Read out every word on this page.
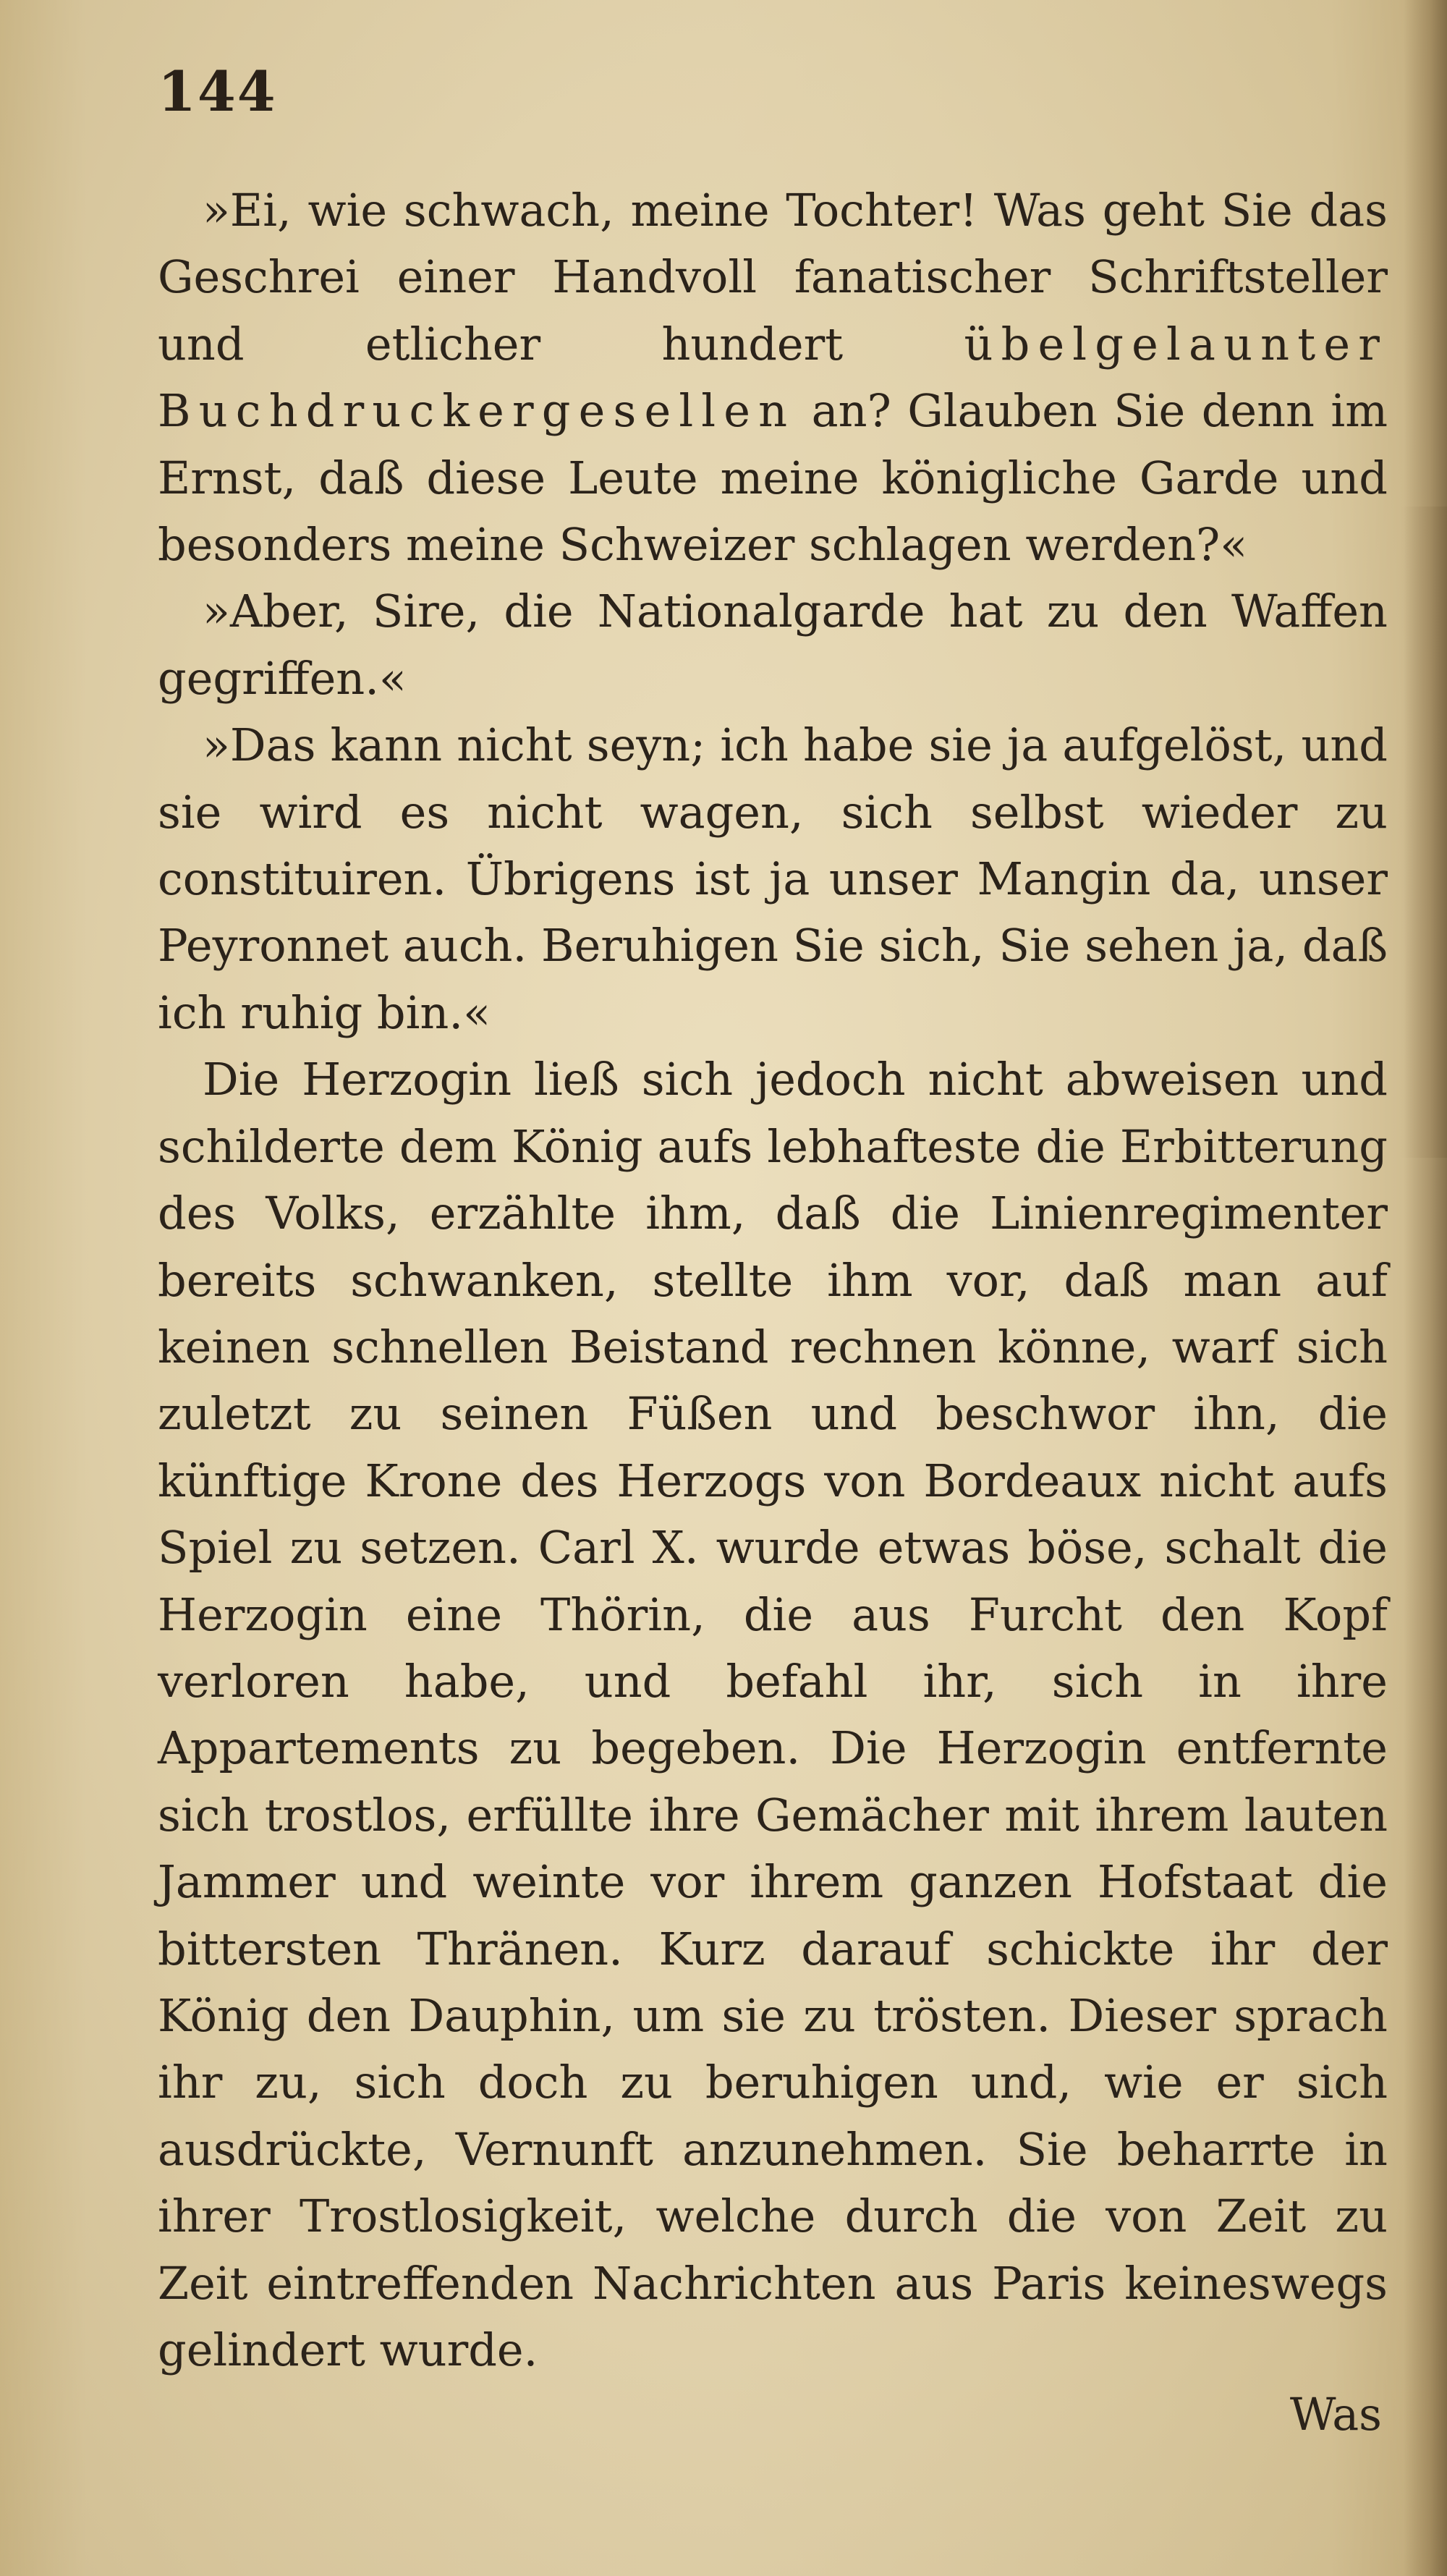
144

»Ei, wie schwach, meine Tochter! Was geht Sie das Geschrei einer Handvoll fanatischer Schriftsteller und etlicher hundert übelgelaunter Buchdruckergesellen an? Glauben Sie denn im Ernst, daß diese Leute meine königliche Garde und besonders meine Schweizer schlagen werden?«

»Aber, Sire, die Nationalgarde hat zu den Waffen gegriffen.«

»Das kann nicht seyn; ich habe sie ja aufgelöst, und sie wird es nicht wagen, sich selbst wieder zu constituiren. Übrigens ist ja unser Mangin da, unser Peyronnet auch. Beruhigen Sie sich, Sie sehen ja, daß ich ruhig bin.«

Die Herzogin ließ sich jedoch nicht abweisen und schilderte dem König aufs lebhafteste die Erbitterung des Volks, erzählte ihm, daß die Linienregimenter bereits schwanken, stellte ihm vor, daß man auf keinen schnellen Beistand rechnen könne, warf sich zuletzt zu seinen Füßen und beschwor ihn, die künftige Krone des Herzogs von Bordeaux nicht aufs Spiel zu setzen. Carl X. wurde etwas böse, schalt die Herzogin eine Thörin, die aus Furcht den Kopf verloren habe, und befahl ihr, sich in ihre Appartements zu begeben. Die Herzogin entfernte sich trostlos, erfüllte ihre Gemächer mit ihrem lauten Jammer und weinte vor ihrem ganzen Hofstaat die bittersten Thränen. Kurz darauf schickte ihr der König den Dauphin, um sie zu trösten. Dieser sprach ihr zu, sich doch zu beruhigen und, wie er sich ausdrückte, Vernunft anzunehmen. Sie beharrte in ihrer Trostlosigkeit, welche durch die von Zeit zu Zeit eintreffenden Nachrichten aus Paris keineswegs gelindert wurde.

Was
